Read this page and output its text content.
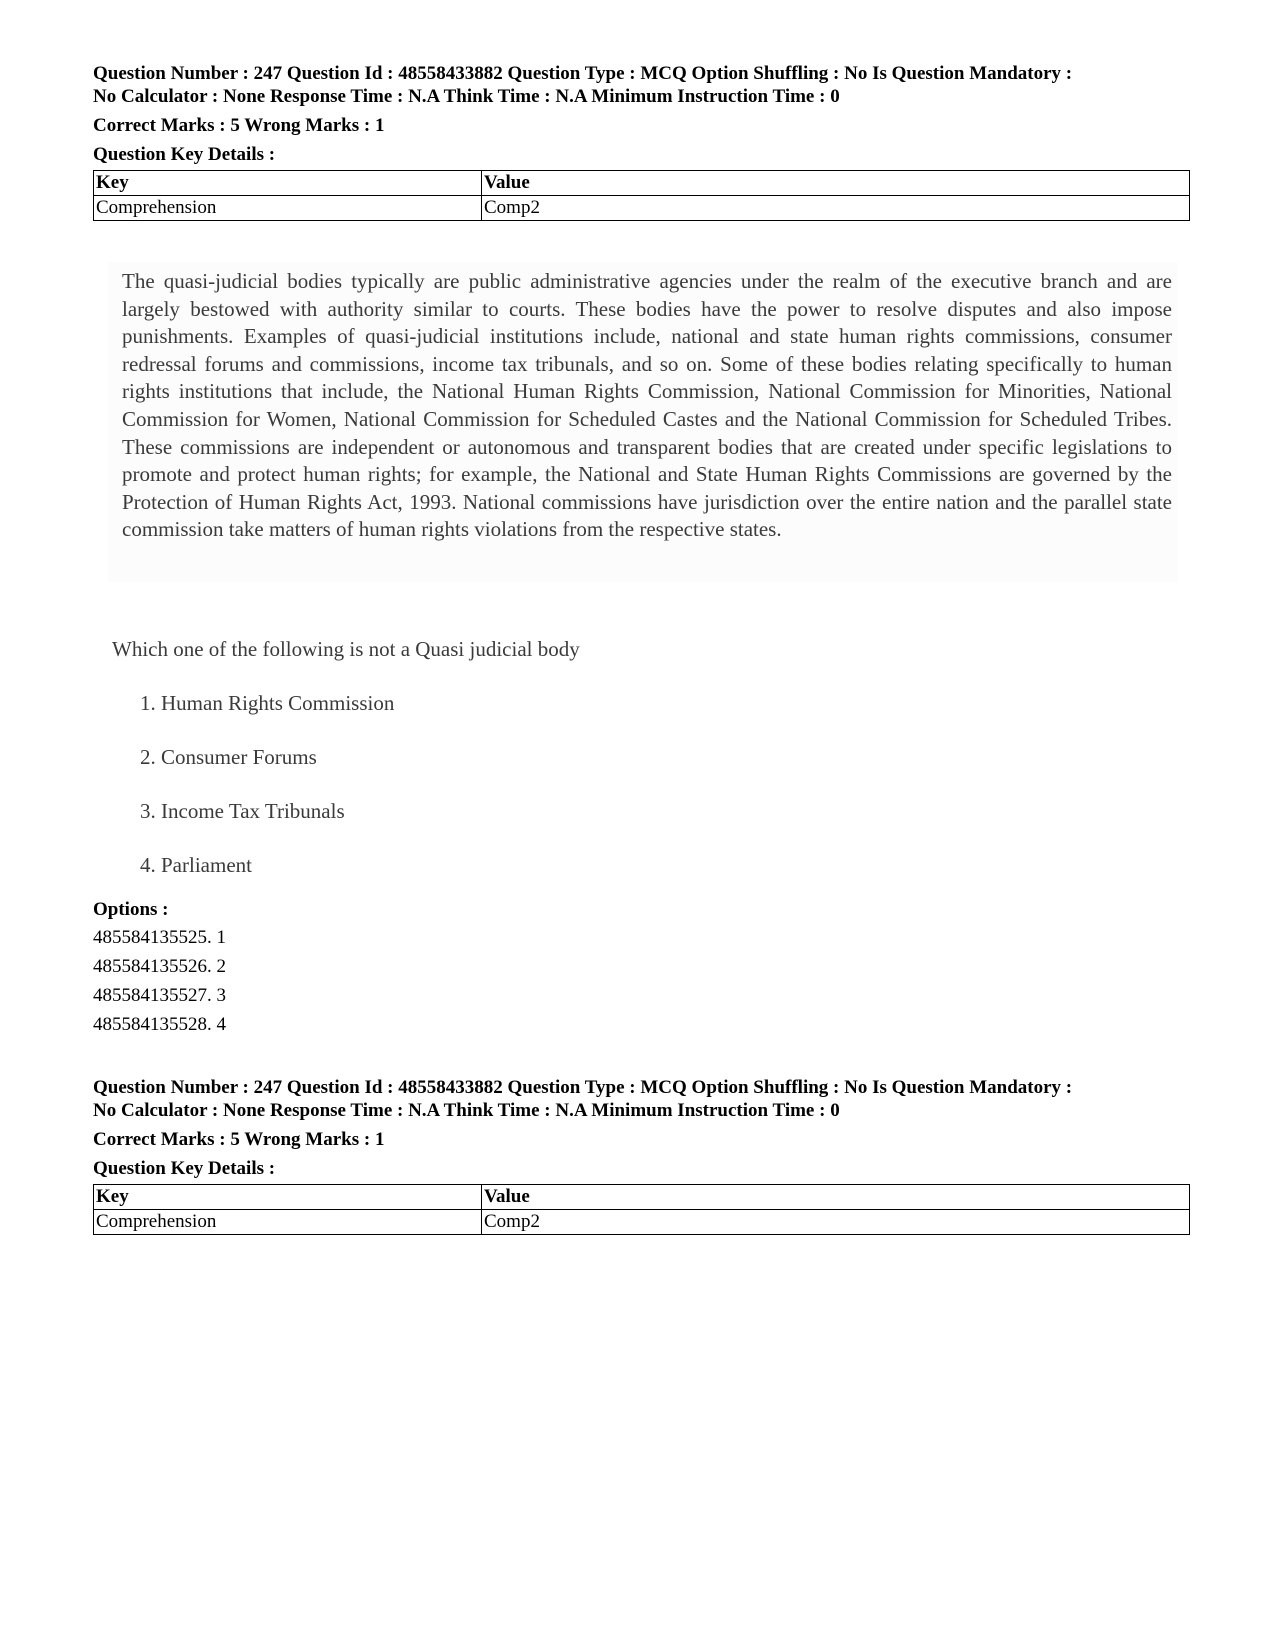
Question Number : 247 Question Id : 48558433882 Question Type : MCQ Option Shuffling : No Is Question Mandatory :
No Calculator : None Response Time : N.A Think Time : N.A Minimum Instruction Time : 0

Correct Marks : 5 Wrong Marks : 1

Question Key Details :

Key	Value
Comprehension	Comp2

The quasi-judicial bodies typically are public administrative agencies under the realm of the executive branch and are largely bestowed with authority similar to courts. These bodies have the power to resolve disputes and also impose punishments. Examples of quasi-judicial institutions include, national and state human rights commissions, consumer redressal forums and commissions, income tax tribunals, and so on. Some of these bodies relating specifically to human rights institutions that include, the National Human Rights Commission, National Commission for Minorities, National Commission for Women, National Commission for Scheduled Castes and the National Commission for Scheduled Tribes. These commissions are independent or autonomous and transparent bodies that are created under specific legislations to promote and protect human rights; for example, the National and State Human Rights Commissions are governed by the Protection of Human Rights Act, 1993. National commissions have jurisdiction over the entire nation and the parallel state commission take matters of human rights violations from the respective states.

Which one of the following is not a Quasi judicial body

1. Human Rights Commission
2. Consumer Forums
3. Income Tax Tribunals
4. Parliament

Options :

485584135525. 1
485584135526. 2
485584135527. 3
485584135528. 4

Question Number : 247 Question Id : 48558433882 Question Type : MCQ Option Shuffling : No Is Question Mandatory :
No Calculator : None Response Time : N.A Think Time : N.A Minimum Instruction Time : 0

Correct Marks : 5 Wrong Marks : 1

Question Key Details :

Key	Value
Comprehension	Comp2
